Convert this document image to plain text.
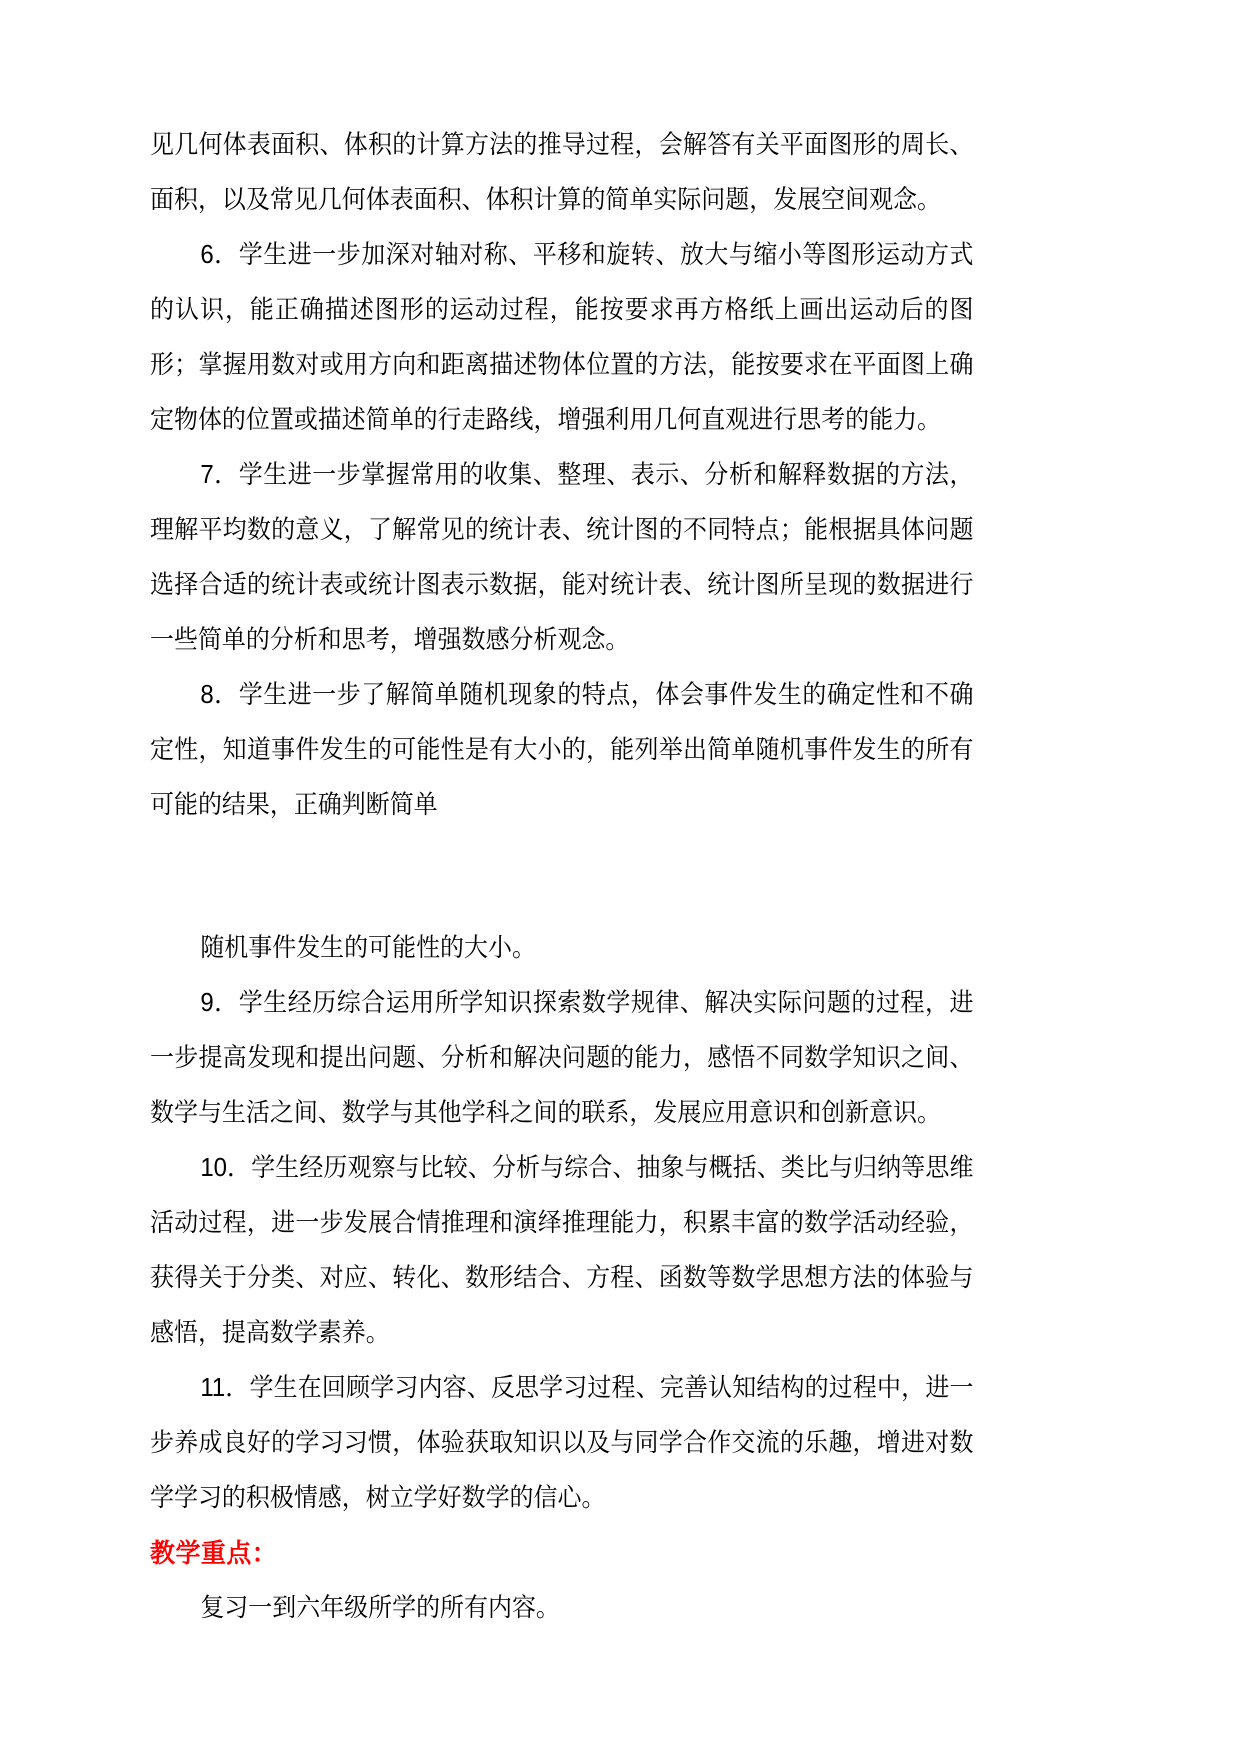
见几何体表面积、体积的计算方法的推导过程，会解答有关平面图形的周长、面积，以及常见几何体表面积、体积计算的简单实际问题，发展空间观念。

6．学生进一步加深对轴对称、平移和旋转、放大与缩小等图形运动方式的认识，能正确描述图形的运动过程，能按要求再方格纸上画出运动后的图形；掌握用数对或用方向和距离描述物体位置的方法，能按要求在平面图上确定物体的位置或描述简单的行走路线，增强利用几何直观进行思考的能力。

7．学生进一步掌握常用的收集、整理、表示、分析和解释数据的方法，理解平均数的意义，了解常见的统计表、统计图的不同特点；能根据具体问题选择合适的统计表或统计图表示数据，能对统计表、统计图所呈现的数据进行一些简单的分析和思考，增强数感分析观念。

8．学生进一步了解简单随机现象的特点，体会事件发生的确定性和不确定性，知道事件发生的可能性是有大小的，能列举出简单随机事件发生的所有可能的结果，正确判断简单

随机事件发生的可能性的大小。

9．学生经历综合运用所学知识探索数学规律、解决实际问题的过程，进一步提高发现和提出问题、分析和解决问题的能力，感悟不同数学知识之间、数学与生活之间、数学与其他学科之间的联系，发展应用意识和创新意识。

10．学生经历观察与比较、分析与综合、抽象与概括、类比与归纳等思维活动过程，进一步发展合情推理和演绎推理能力，积累丰富的数学活动经验，获得关于分类、对应、转化、数形结合、方程、函数等数学思想方法的体验与感悟，提高数学素养。

11．学生在回顾学习内容、反思学习过程、完善认知结构的过程中，进一步养成良好的学习习惯，体验获取知识以及与同学合作交流的乐趣，增进对数学学习的积极情感，树立学好数学的信心。

教学重点：

复习一到六年级所学的所有内容。
